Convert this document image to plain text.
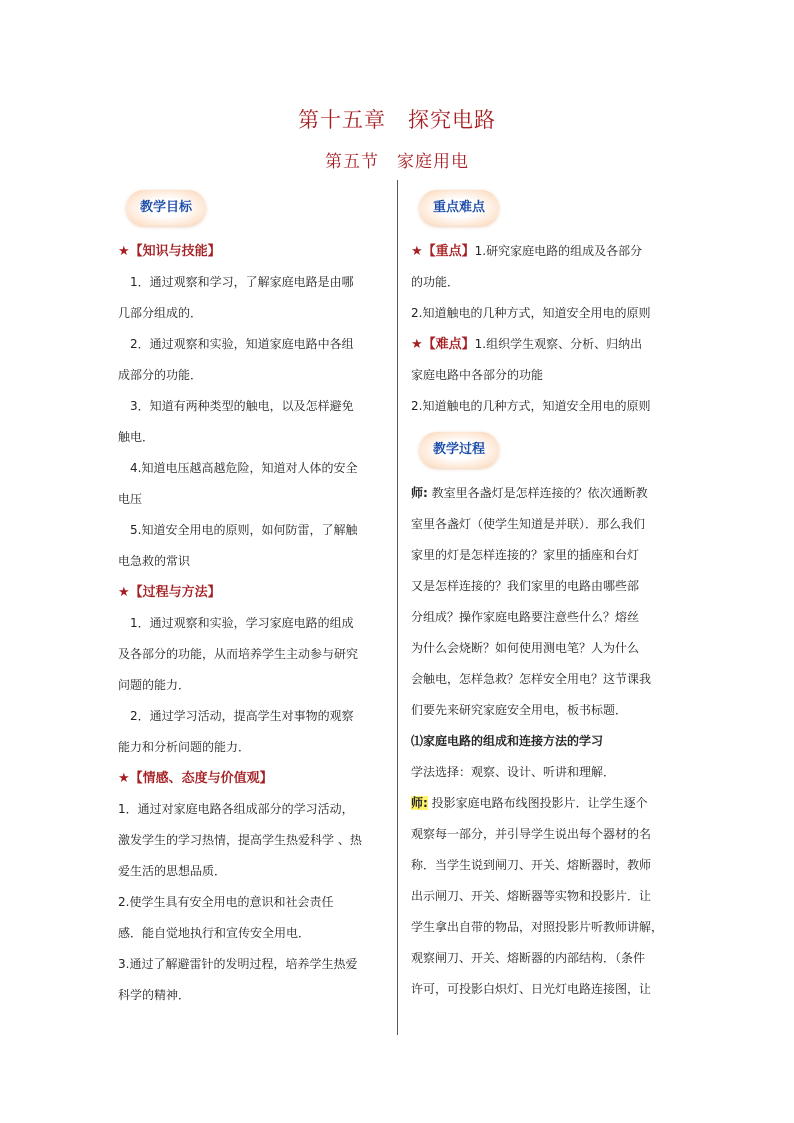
第十五章　探究电路
第五节　家庭用电
教学目标
★【知识与技能】
1．通过观察和学习，了解家庭电路是由哪
几部分组成的．
2．通过观察和实验，知道家庭电路中各组
成部分的功能．
3．知道有两种类型的触电，以及怎样避免
触电．
4.知道电压越高越危险，知道对人体的安全
电压
5.知道安全用电的原则，如何防雷，了解触
电急救的常识
★【过程与方法】
1．通过观察和实验，学习家庭电路的组成
及各部分的功能，从而培养学生主动参与研究
问题的能力．
2．通过学习活动，提高学生对事物的观察
能力和分析问题的能力．
★【情感、态度与价值观】
1．通过对家庭电路各组成部分的学习活动，
激发学生的学习热情，提高学生热爱科学 、热
爱生活的思想品质．
2.使学生具有安全用电的意识和社会责任
感．能自觉地执行和宣传安全用电．
3.通过了解避雷针的发明过程，培养学生热爱
科学的精神．
重点难点
★【重点】1.研究家庭电路的组成及各部分
的功能．
2.知道触电的几种方式，知道安全用电的原则
★【难点】1.组织学生观察、分析、归纳出
家庭电路中各部分的功能
2.知道触电的几种方式，知道安全用电的原则
教学过程
师: 教室里各盏灯是怎样连接的？依次通断教
室里各盏灯（使学生知道是并联）．那么我们
家里的灯是怎样连接的？家里的插座和台灯
又是怎样连接的？我们家里的电路由哪些部
分组成？操作家庭电路要注意些什么？熔丝
为什么会烧断？如何使用测电笔？人为什么
会触电，怎样急救？怎样安全用电？这节课我
们要先来研究家庭安全用电，板书标题．
⑴家庭电路的组成和连接方法的学习
学法选择：观察、设计、听讲和理解．
师: 投影家庭电路布线图投影片．让学生逐个
观察每一部分，并引导学生说出每个器材的名
称．当学生说到闸刀、开关、熔断器时，教师
出示闸刀、开关、熔断器等实物和投影片．让
学生拿出自带的物品，对照投影片听教师讲解，
观察闸刀、开关、熔断器的内部结构．（条件
许可，可投影白炽灯、日光灯电路连接图，让
